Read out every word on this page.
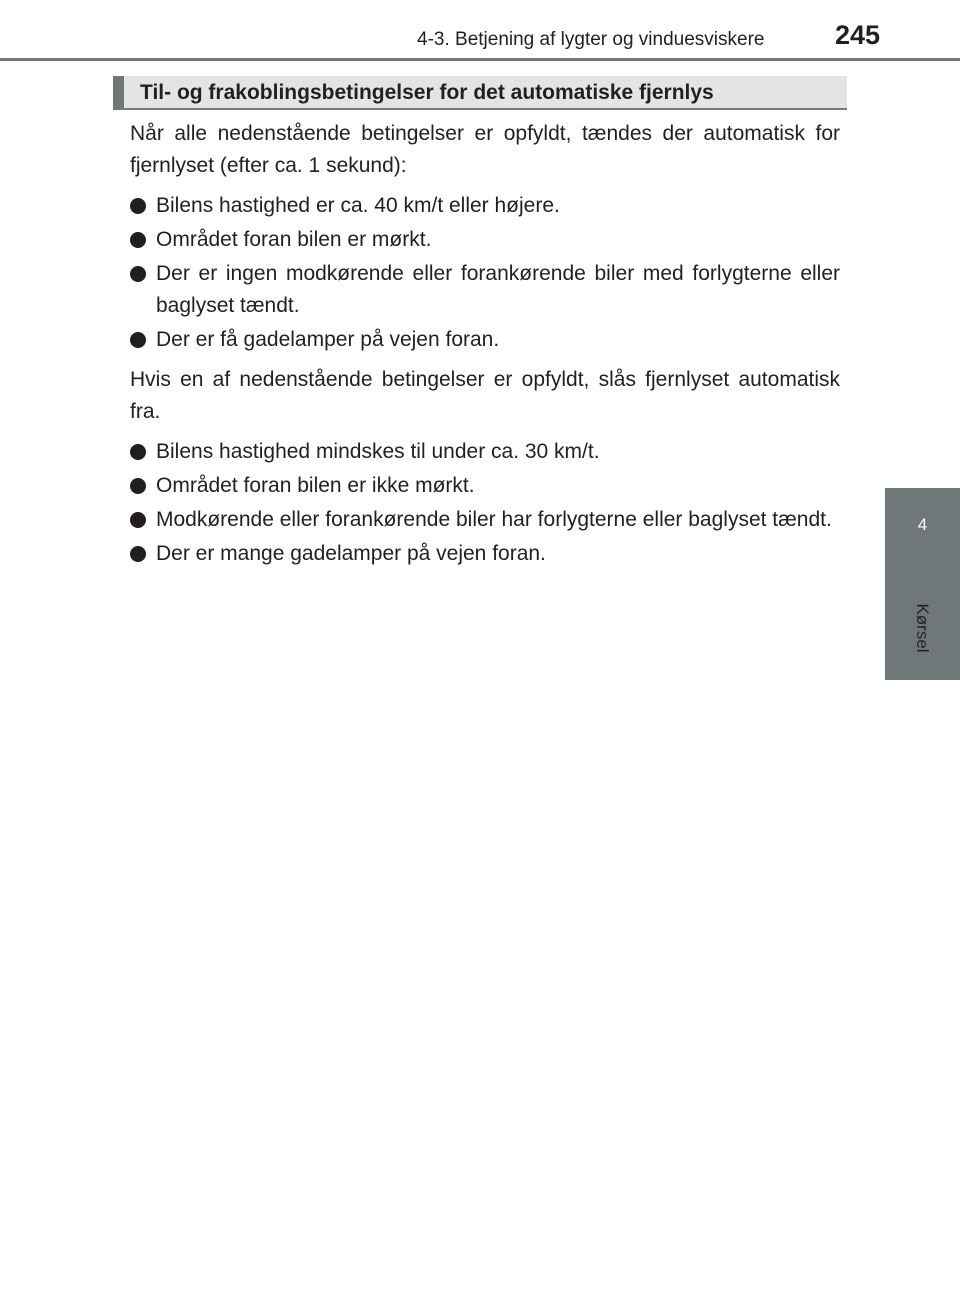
4-3. Betjening af lygter og vinduesviskere	245
4
Kørsel
Til- og frakoblingsbetingelser for det automatiske fjernlys

Når alle nedenstående betingelser er opfyldt, tændes der automatisk for fjernlyset (efter ca. 1 sekund):

Bilens hastighed er ca. 40 km/t eller højere.
Området foran bilen er mørkt.
Der er ingen modkørende eller forankørende biler med forlygterne eller baglyset tændt.
Der er få gadelamper på vejen foran.

Hvis en af nedenstående betingelser er opfyldt, slås fjernlyset automatisk fra.

Bilens hastighed mindskes til under ca. 30 km/t.
Området foran bilen er ikke mørkt.
Modkørende eller forankørende biler har forlygterne eller baglyset tændt.
Der er mange gadelamper på vejen foran.
